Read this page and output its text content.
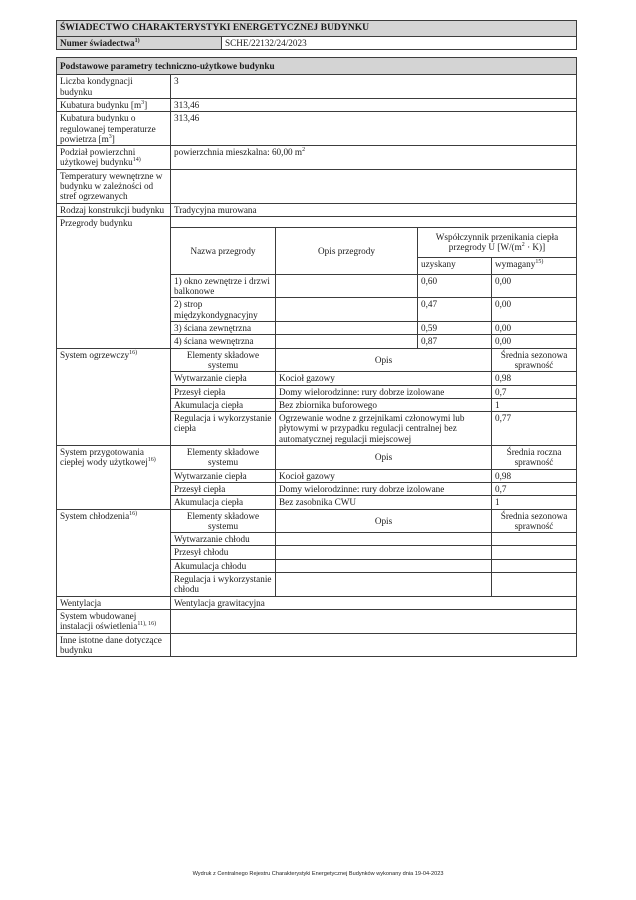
ŚWIADECTWO CHARAKTERYSTYKI ENERGETYCZNEJ BUDYNKU
Numer świadectwa$^{1)}$	SCHE/22132/24/2023
Podstawowe parametry techniczno-użytkowe budynku
Liczba kondygnacji budynku	3
Kubatura budynku $[m^3]$	313,46
Kubatura budynku o regulowanej temperaturze powietrza $[m^3]$	313,46
Podział powierzchni użytkowej budynku$^{14)}$	powierzchnia mieszkalna: 60,00 $m^2$
Temperatury wewnętrzne w budynku w zależności od stref ogrzewanych	
Rodzaj konstrukcji budynku	Tradycyjna murowana
Przegrody budynku	
Nazwa przegrody	Opis przegrody	Współczynnik przenikania ciepła przegrody U $[W/(m^2 \cdot K)]$
uzyskany	wymagany$^{15)}$
1) okno zewnętrze i drzwi balkonowe		0,60	0,00
2) strop międzykondygnacyjny		0,47	0,00
3) ściana zewnętrzna		0,59	0,00
4) ściana wewnętrzna		0,87	0,00

System ogrzewczy$^{16)}$		Elementy składowe systemu	Opis	Średnia sezonowa sprawność
Wytwarzanie ciepła	Kocioł gazowy	0,98
Przesył ciepła	Domy wielorodzinne: rury dobrze izolowane	0,7
Akumulacja ciepła	Bez zbiornika buforowego	1
Regulacja i wykorzystanie ciepła	Ogrzewanie wodne z grzejnikami członowymi lub płytowymi w przypadku regulacji centralnej bez automatycznej regulacji miejscowej	0,77

System przygotowania ciepłej wody użytkowej$^{16)}$	
Elementy składowe systemu	Opis	Średnia roczna sprawność
Wytwarzanie ciepła	Kocioł gazowy	0,98
Przesył ciepła	Domy wielorodzinne: rury dobrze izolowane	0,7
Akumulacja ciepła	Bez zasobnika CWU	1

System chłodzenia$^{16)}$		Elementy składowe systemu	Opis	Średnia sezonowa sprawność
Wytwarzanie chłodu		
Przesył chłodu		
Akumulacja chłodu		
Regulacja i wykorzystanie chłodu		

Wentylacja	Wentylacja grawitacyjna
System wbudowanej instalacji oświetlenia$^{11), 16)}$	
Inne istotne dane dotyczące budynku	
Wydruk z Centralnego Rejestru Charakterystyki Energetycznej Budynków wykonany dnia 19-04-2023
